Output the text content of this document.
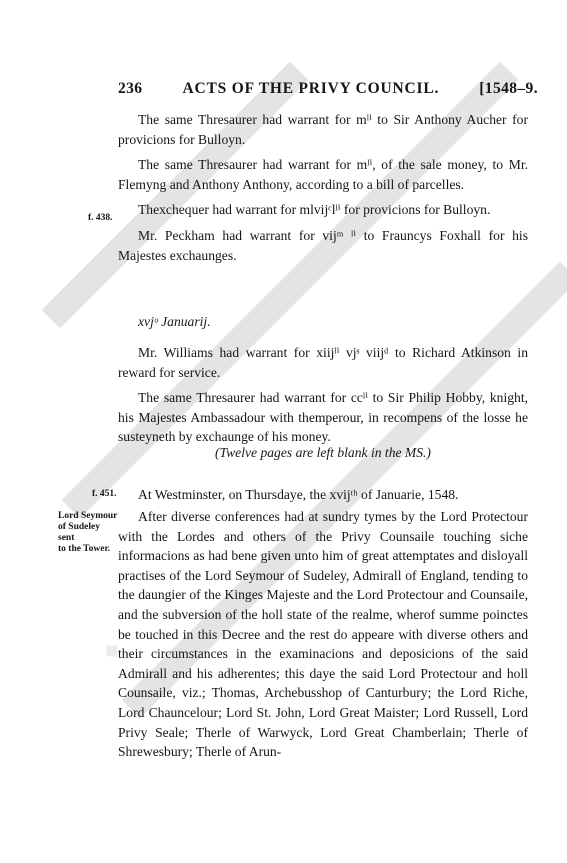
◆
236	ACTS OF THE PRIVY COUNCIL.	[1548–9.

The same Thresaurer had warrant for mˡⁱ to Sir Anthony Aucher for provicions for Bulloyn.

The same Thresaurer had warrant for mˡⁱ, of the sale money, to Mr. Flemyng and Anthony Anthony, according to a bill of parcelles.

Thexchequer had warrant for mlvijᶜlˡⁱ for provicions for Bulloyn.

Mr. Peckham had warrant for vijᵐ ˡⁱ to Frauncys Foxhall for his Majestes exchaunges.

f. 438.
xvjᵒ Januarij.

Mr. Williams had warrant for xiijˡⁱ vjˢ viijᵈ to Richard Atkinson in reward for service.

The same Thresaurer had warrant for ccˡⁱ to Sir Philip Hobby, knight, his Majestes Ambassadour with themperour, in recompens of the losse he susteyneth by exchaunge of his money.

(Twelve pages are left blank in the MS.)
f. 451.	At Westminster, on Thursdaye, the xvijᵗʰ of Januarie, 1548.

Lord Seymour
of Sudeley sent
to the Tower.

After diverse conferences had at sundry tymes by the Lord Protectour with the Lordes and others of the Privy Counsaile touching siche informacions as had bene given unto him of great attemptates and disloyall practises of the Lord Seymour of Sudeley, Admirall of England, tending to the daungier of the Kinges Majeste and the Lord Protectour and Counsaile, and the subversion of the holl state of the realme, wherof summe poinctes be touched in this Decree and the rest do appeare with diverse others and their circumstances in the examinacions and deposicions of the said Admirall and his adherentes; this daye the said Lord Protectour and holl Counsaile, viz.; Thomas, Archebusshop of Canturbury; the Lord Riche, Lord Chauncelour; Lord St. John, Lord Great Maister; Lord Russell, Lord Privy Seale; Therle of Warwyck, Lord Great Chamberlain; Therle of Shrewesbury; Therle of Arun-
